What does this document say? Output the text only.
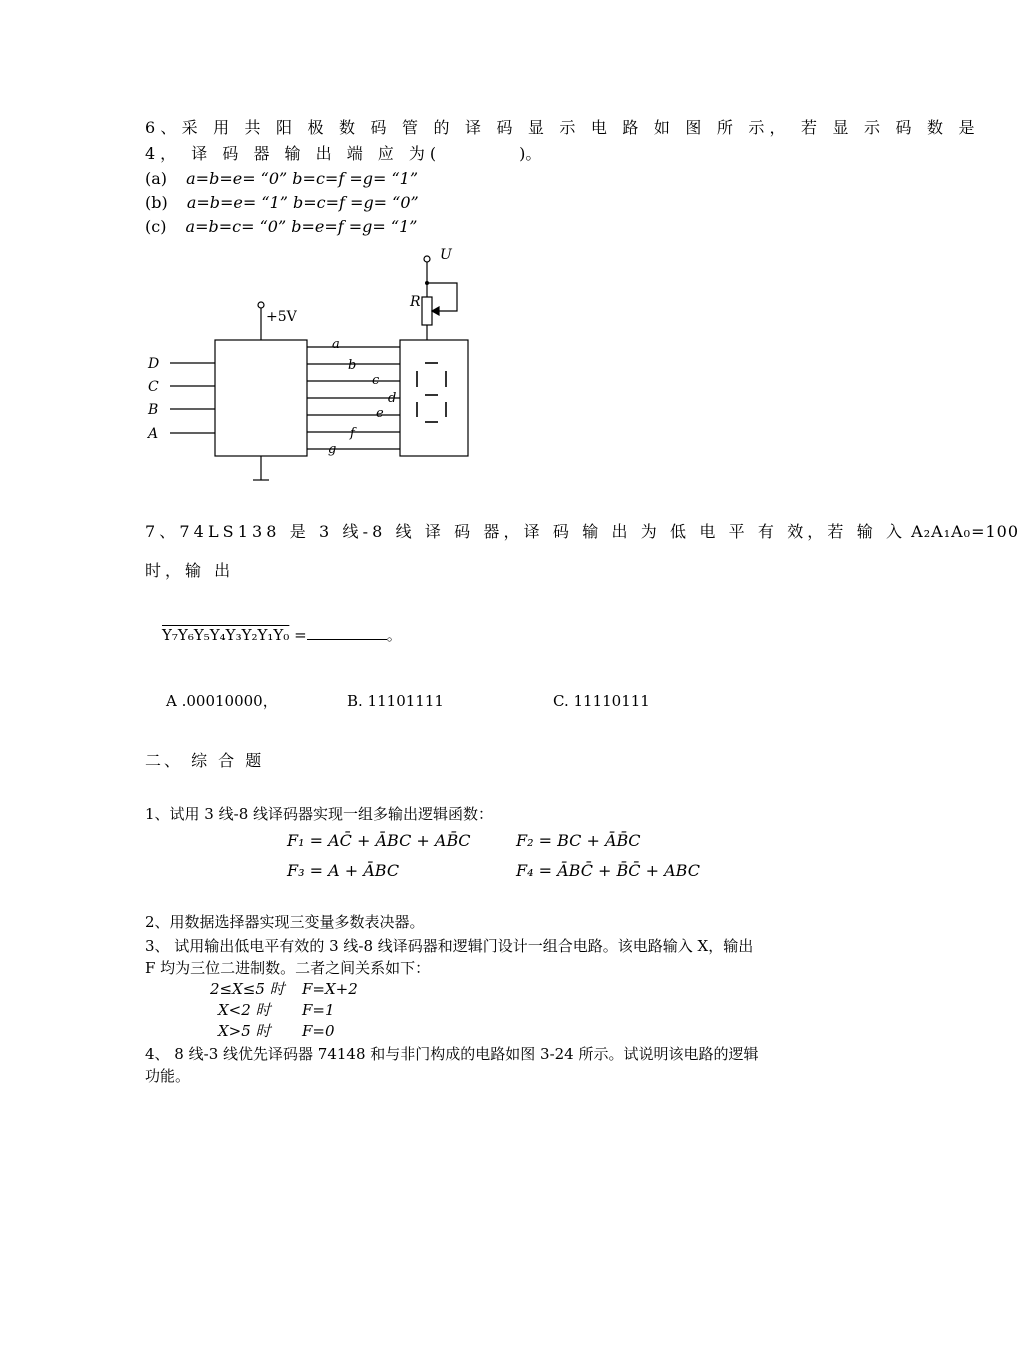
6、采 用 共 阳 极 数 码 管 的 译 码 显 示 电 路 如 图 所 示， 若 显 示 码 数 是
4， 译 码 器 输 出 端 应 为(	)。
(a) a=b=e= “0” b=c=f =g= “1”
(b) a=b=e= “1” b=c=f =g= “0”
(c) a=b=c= “0” b=e=f =g= “1”
U
+5V
R
D
C
B
A
a
b
c
d
e
f
g
7、74LS138 是 3 线-8 线 译 码 器，译 码 输 出 为 低 电 平 有 效，若 输 入 A₂A₁A₀=100
时，输 出
Y₇Y₆Y₅Y₄Y₃Y₂Y₁Y₀ =	。
A .00010000，	B. 11101111	C. 11110111
二、 综 合 题
1、试用 3 线-8 线译码器实现一组多输出逻辑函数：
F₁ = AC̄ + ĀBC + AB̄C	F₂ = BC + ĀB̄C
F₃ = A + ĀBC	F₄ = ĀBC̄ + B̄C̄ + ABC
2、用数据选择器实现三变量多数表决器。
3、 试用输出低电平有效的 3 线-8 线译码器和逻辑门设计一组合电路。该电路输入 X，输出
F 均为三位二进制数。二者之间关系如下：
2≤X≤5 时 F=X+2
X<2 时 F=1
X>5 时 F=0
4、 8 线-3 线优先译码器 74148 和与非门构成的电路如图 3-24 所示。试说明该电路的逻辑
功能。
